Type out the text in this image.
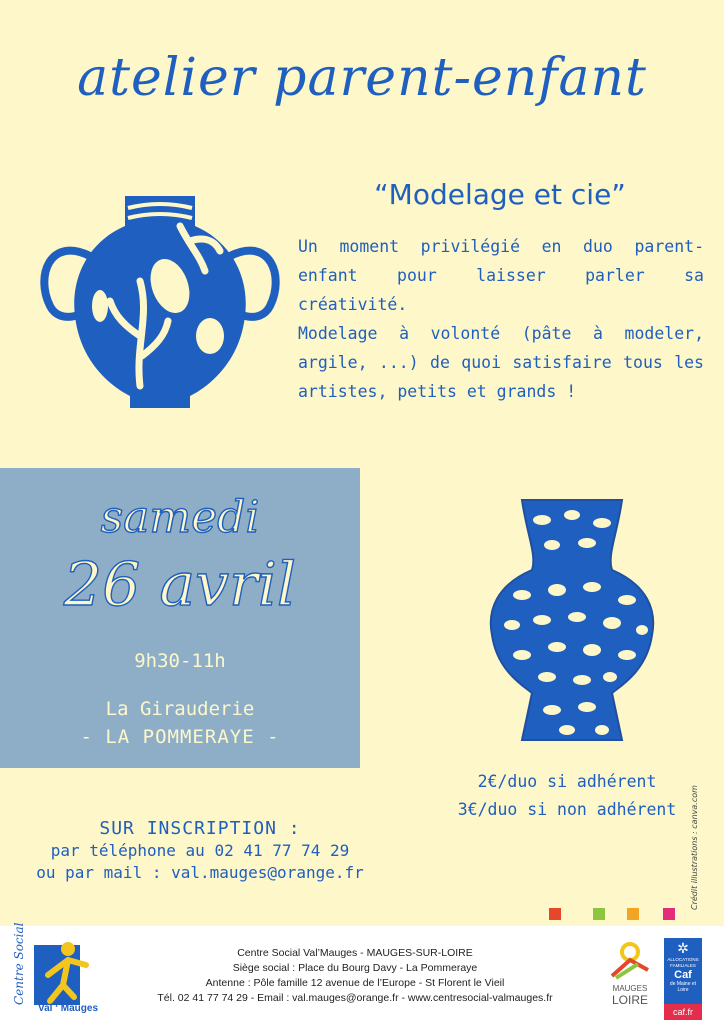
atelier parent-enfant
“Modelage et cie”

Un moment privilégié en duo parent-enfant pour laisser parler sa créativité.

Modelage à volonté (pâte à modeler, argile, ...) de quoi satisfaire tous les artistes, petits et grands !

samedi
26 avril
9h30-11h
La Girauderie
- LA POMMERAYE -
2€/duo si adhérent
3€/duo si non adhérent	Crédit illustrations : canva.com
SUR INSCRIPTION :
par téléphone au 02 41 77 74 29
ou par mail : val.mauges@orange.fr
Centre Social
Val ‘ Mauges
Centre Social Val’Mauges - MAUGES-SUR-LOIRE
Siège social : Place du Bourg Davy - La Pommeraye
Antenne : Pôle famille 12 avenue de l’Europe - St Florent le Vieil
Tél. 02 41 77 74 29 - Email : val.mauges@orange.fr - www.centresocial-valmauges.fr
MAUGES
LOIRE
✲
ALLOCATIONS FAMILIALES
Caf
de Maine et Loire
caf.fr
